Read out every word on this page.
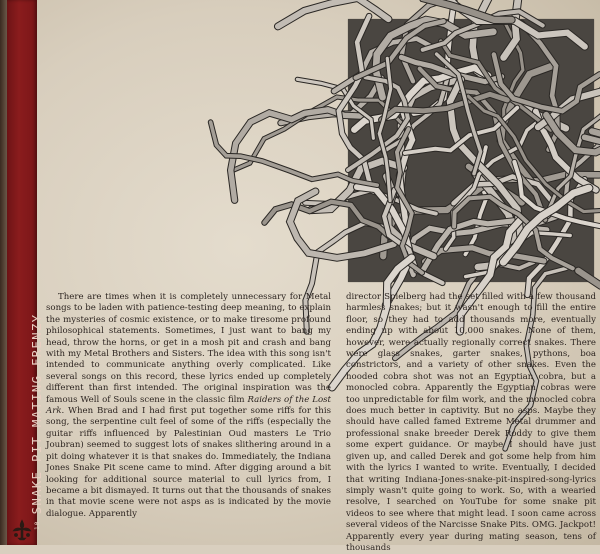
10SNAKE PIT MATING FRENZY
There are times when it is completely unnecessary for Metal songs to be laden with patience-testing deep meaning, to explain the mysteries of cosmic existence, or to make tiresome profound philosophical statements. Sometimes, I just want to bang my head, throw the horns, or get in a mosh pit and crash and bang with my Metal Brothers and Sisters. The idea with this song isn't intended to communicate anything overly complicated. Like several songs on this record, these lyrics ended up completely different than first intended. The original inspiration was the famous Well of Souls scene in the classic film Raiders of the Lost Ark. When Brad and I had first put together some riffs for this song, the serpentine cult feel of some of the riffs (especially the guitar riffs influenced by Palestinian Oud masters Le Trio Joubran) seemed to suggest lots of snakes slithering around in a pit doing whatever it is that snakes do. Immediately, the Indiana Jones Snake Pit scene came to mind. After digging around a bit looking for additional source material to cull lyrics from, I became a bit dismayed. It turns out that the thousands of snakes in that movie scene were not asps as is indicated by the movie dialogue. Apparently
director Spielberg had the set filled with a few thousand harmless snakes; but it wasn't enough to fill the entire floor, so they had to add thousands more, eventually ending up with about 10,000 snakes. None of them, however, were actually regionally correct snakes. There were glass snakes, garter snakes, pythons, boa constrictors, and a variety of other snakes. Even the hooded cobra shot was not an Egyptian cobra, but a monocled cobra. Apparently the Egyptian cobras were too unpredictable for film work, and the monocled cobra does much better in captivity. But no asps. Maybe they should have called famed Extreme Metal drummer and professional snake breeder Derek Roddy to give them some expert guidance. Or maybe I should have just given up, and called Derek and got some help from him with the lyrics I wanted to write. Eventually, I decided that writing Indiana-Jones-snake-pit-inspired-song-lyrics simply wasn't quite going to work. So, with a wearied resolve, I searched on YouTube for some snake pit videos to see where that might lead. I soon came across several videos of the Narcisse Snake Pits. OMG. Jackpot! Apparently every year during mating season, tens of thousands
